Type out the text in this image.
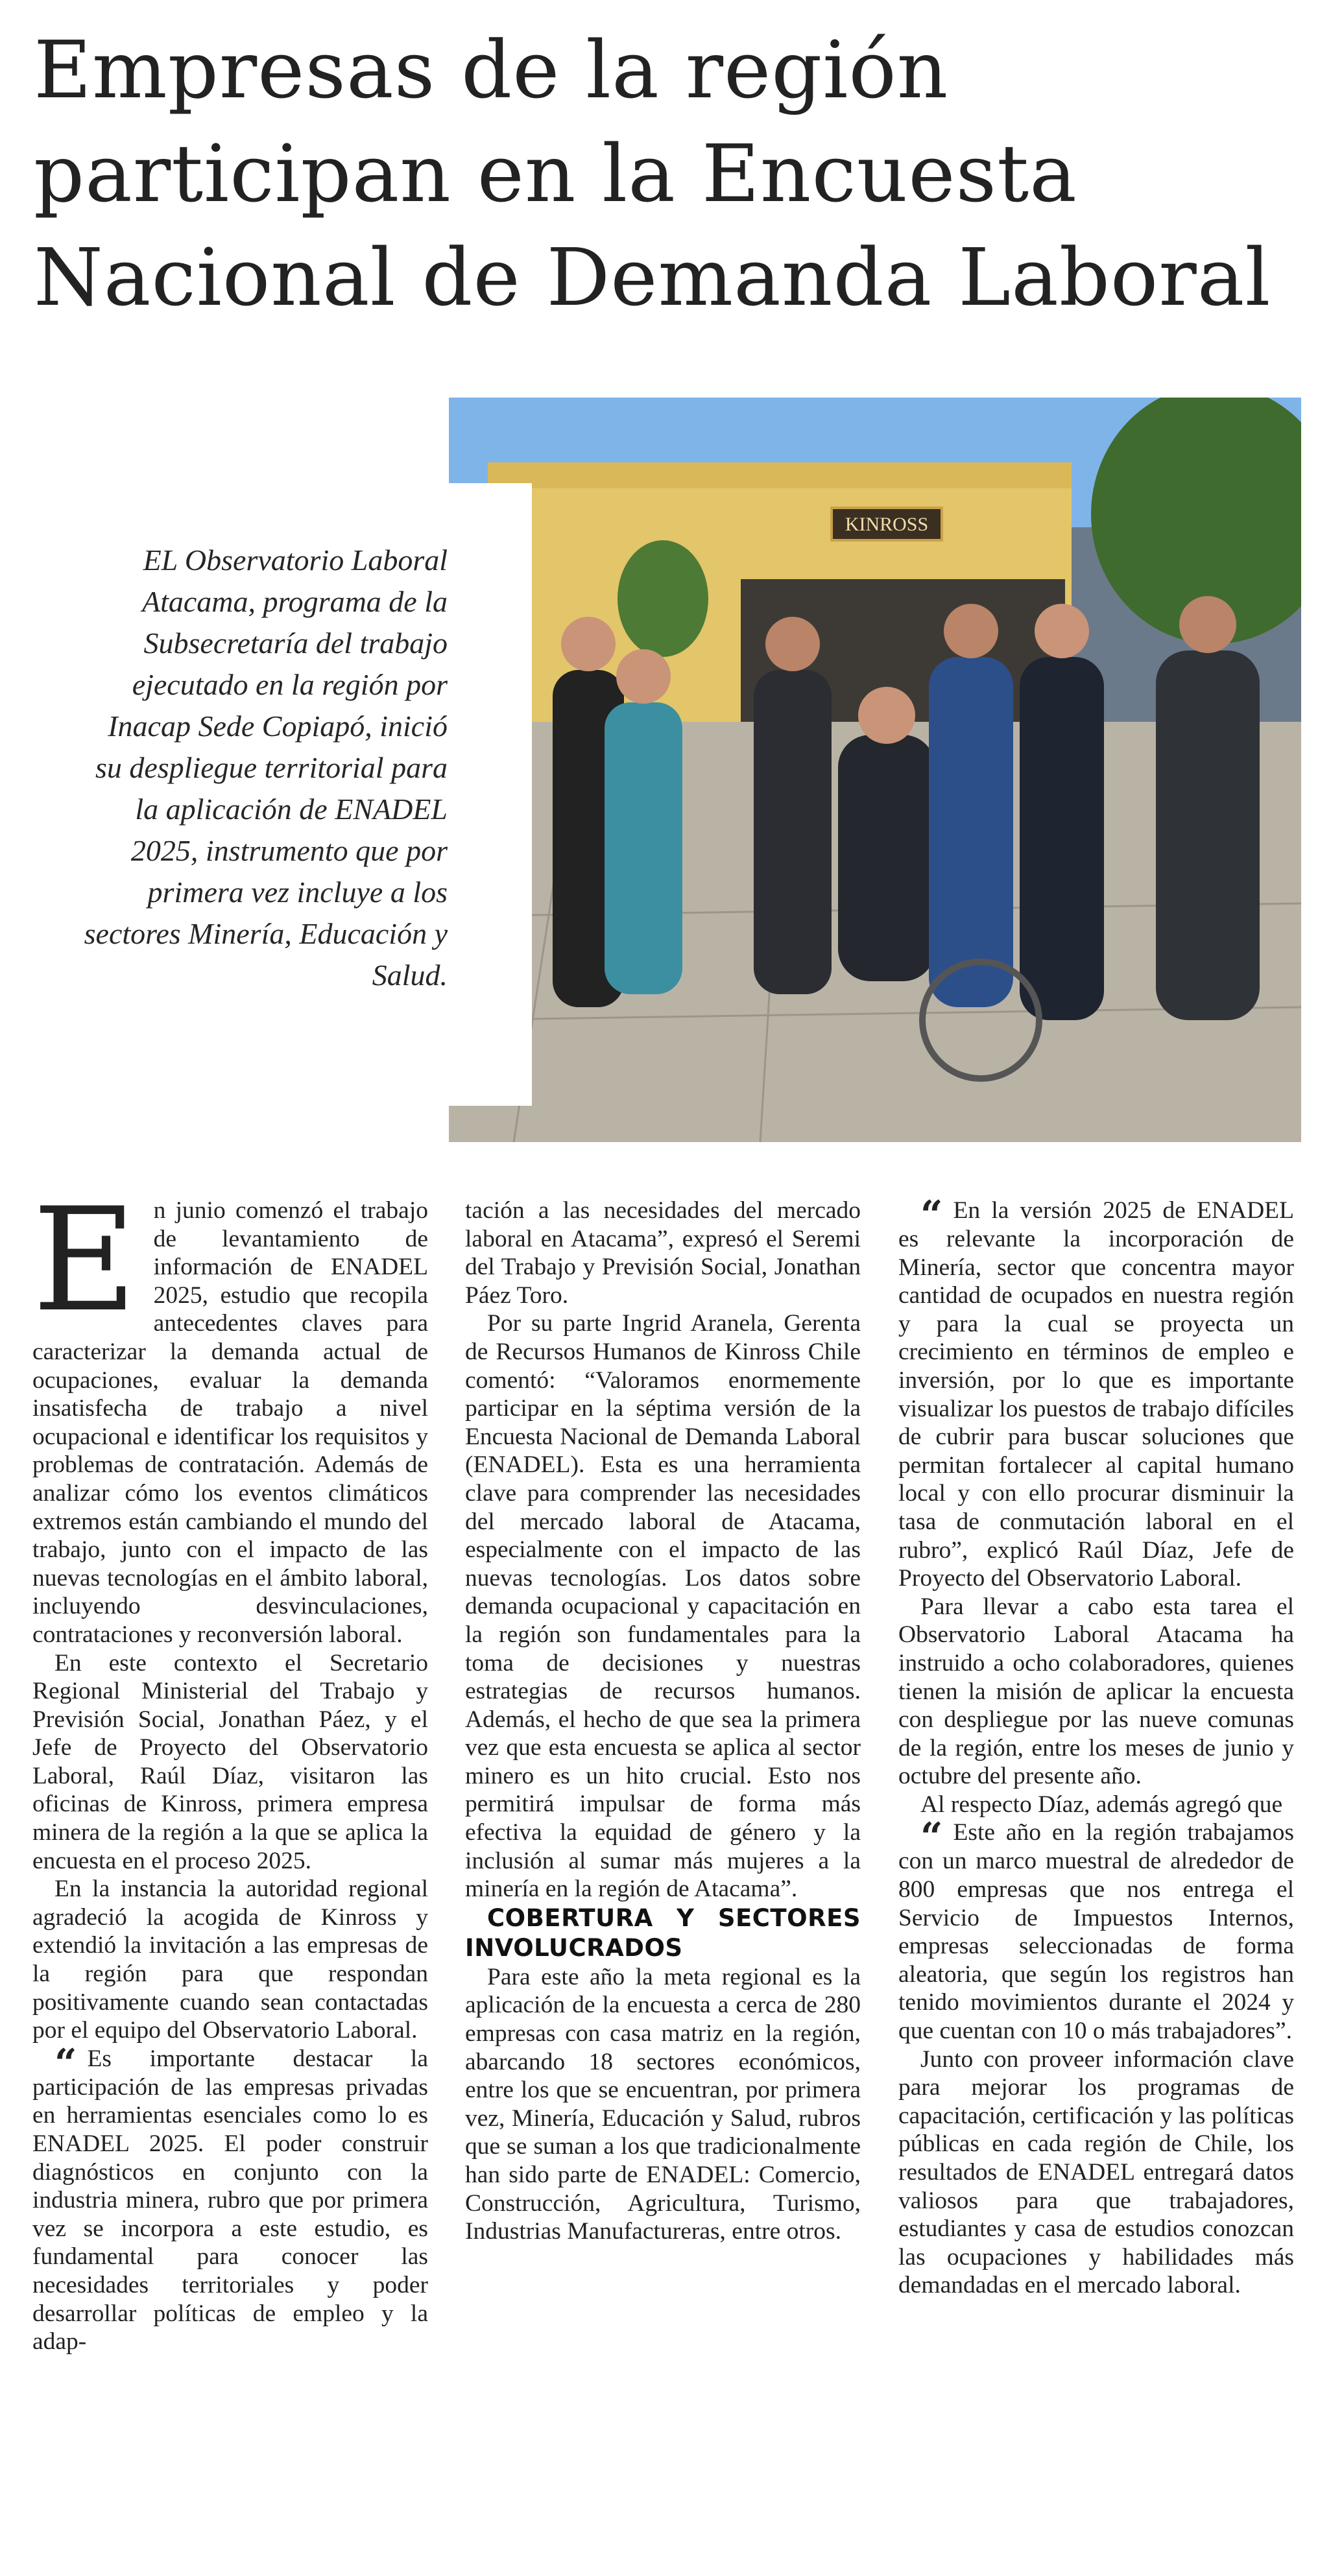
Empresas de la región participan en la Encuesta Nacional de Demanda Laboral
KINROSS

EL Observatorio Laboral Atacama, programa de la Subsecretaría del trabajo ejecutado en la región por Inacap Sede Copiapó, inició su despliegue territorial para la aplicación de ENADEL 2025, instrumento que por primera vez incluye a los sectores Minería, Educación y Salud.

En junio comenzó el trabajo de levantamiento de información de ENADEL 2025, estudio que recopila antecedentes claves para caracterizar la demanda actual de ocupaciones, evaluar la demanda insatisfecha de trabajo a nivel ocupacional e identificar los requisitos y problemas de contratación. Además de analizar cómo los eventos climáticos extremos están cambiando el mundo del trabajo, junto con el impacto de las nuevas tecnologías en el ámbito laboral, incluyendo desvinculaciones, contrataciones y reconversión laboral.

En este contexto el Secretario Regional Ministerial del Trabajo y Previsión Social, Jonathan Páez, y el Jefe de Proyecto del Observatorio Laboral, Raúl Díaz, visitaron las oficinas de Kinross, primera empresa minera de la región a la que se aplica la encuesta en el proceso 2025.

En la instancia la autoridad regional agradeció la acogida de Kinross y extendió la invitación a las empresas de la región para que respondan positivamente cuando sean contactadas por el equipo del Observatorio Laboral.

“ Es importante destacar la participación de las empresas privadas en herramientas esenciales como lo es ENADEL 2025. El poder construir diagnósticos en conjunto con la industria minera, rubro que por primera vez se incorpora a este estudio, es fundamental para conocer las necesidades territoriales y poder desarrollar políticas de empleo y la adap-

tación a las necesidades del mercado laboral en Atacama”, expresó el Seremi del Trabajo y Previsión Social, Jonathan Páez Toro.

Por su parte Ingrid Aranela, Gerenta de Recursos Humanos de Kinross Chile comentó: “Valoramos enormemente participar en la séptima versión de la Encuesta Nacional de Demanda Laboral (ENADEL). Esta es una herramienta clave para comprender las necesidades del mercado laboral de Atacama, especialmente con el impacto de las nuevas tecnologías. Los datos sobre demanda ocupacional y capacitación en la región son fundamentales para la toma de decisiones y nuestras estrategias de recursos humanos. Además, el hecho de que sea la primera vez que esta encuesta se aplica al sector minero es un hito crucial. Esto nos permitirá impulsar de forma más efectiva la equidad de género y la inclusión al sumar más mujeres a la minería en la región de Atacama”.

COBERTURA Y SECTORES INVOLUCRADOS

Para este año la meta regional es la aplicación de la encuesta a cerca de 280 empresas con casa matriz en la región, abarcando 18 sectores económicos, entre los que se encuentran, por primera vez, Minería, Educación y Salud, rubros que se suman a los que tradicionalmente han sido parte de ENADEL: Comercio, Construcción, Agricultura, Turismo, Industrias Manufactureras, entre otros.

“ En la versión 2025 de ENADEL es relevante la incorporación de Minería, sector que concentra mayor cantidad de ocupados en nuestra región y para la cual se proyecta un crecimiento en términos de empleo e inversión, por lo que es importante visualizar los puestos de trabajo difíciles de cubrir para buscar soluciones que permitan fortalecer al capital humano local y con ello procurar disminuir la tasa de conmutación laboral en el rubro”, explicó Raúl Díaz, Jefe de Proyecto del Observatorio Laboral.

Para llevar a cabo esta tarea el Observatorio Laboral Atacama ha instruido a ocho colaboradores, quienes tienen la misión de aplicar la encuesta con despliegue por las nueve comunas de la región, entre los meses de junio y octubre del presente año.

Al respecto Díaz, además agregó que

“ Este año en la región trabajamos con un marco muestral de alrededor de 800 empresas que nos entrega el Servicio de Impuestos Internos, empresas seleccionadas de forma aleatoria, que según los registros han tenido movimientos durante el 2024 y que cuentan con 10 o más trabajadores”.

Junto con proveer información clave para mejorar los programas de capacitación, certificación y las políticas públicas en cada región de Chile, los resultados de ENADEL entregará datos valiosos para que trabajadores, estudiantes y casa de estudios conozcan las ocupaciones y habilidades más demandadas en el mercado laboral.
